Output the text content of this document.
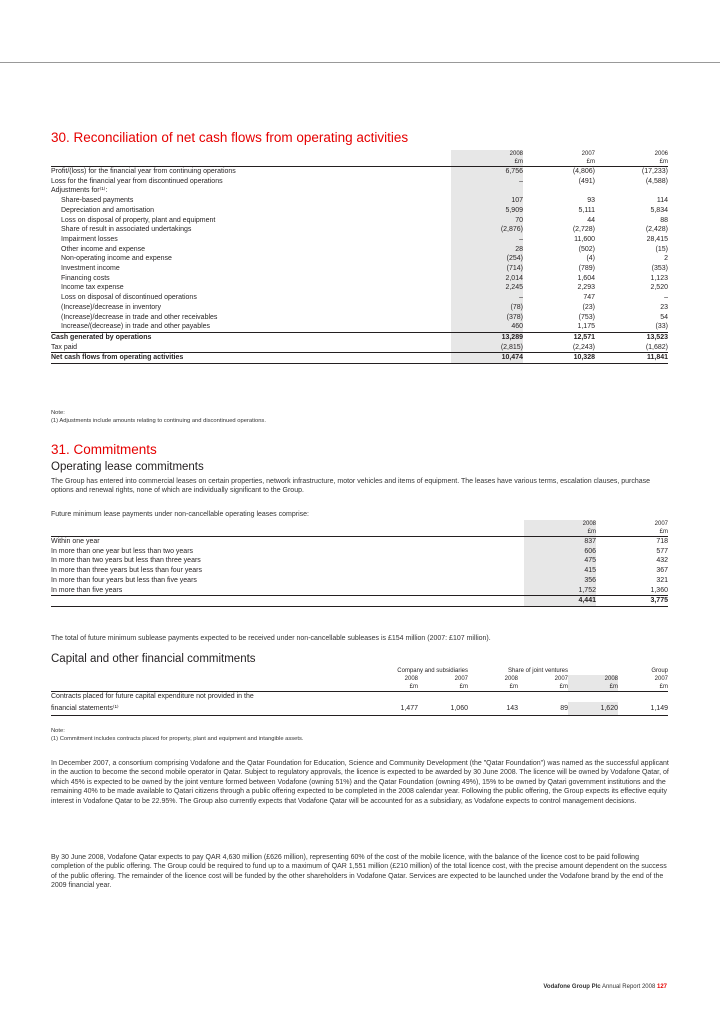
30. Reconciliation of net cash flows from operating activities
	2008	2007	2006
	£m	£m	£m
Profit/(loss) for the financial year from continuing operations	6,756	(4,806)	(17,233)
Loss for the financial year from discontinued operations	–	(491)	(4,588)
Adjustments for⁽¹⁾:			
Share-based payments	107	93	114
Depreciation and amortisation	5,909	5,111	5,834
Loss on disposal of property, plant and equipment	70	44	88
Share of result in associated undertakings	(2,876)	(2,728)	(2,428)
Impairment losses	–	11,600	28,415
Other income and expense	28	(502)	(15)
Non-operating income and expense	(254)	(4)	2
Investment income	(714)	(789)	(353)
Financing costs	2,014	1,604	1,123
Income tax expense	2,245	2,293	2,520
Loss on disposal of discontinued operations	–	747	–
(Increase)/decrease in inventory	(78)	(23)	23
(Increase)/decrease in trade and other receivables	(378)	(753)	54
Increase/(decrease) in trade and other payables	460	1,175	(33)
Cash generated by operations	13,289	12,571	13,523
Tax paid	(2,815)	(2,243)	(1,682)
Net cash flows from operating activities	10,474	10,328	11,841
Note:
(1) Adjustments include amounts relating to continuing and discontinued operations.
31. Commitments
Operating lease commitments

The Group has entered into commercial leases on certain properties, network infrastructure, motor vehicles and items of equipment. The leases have various terms, escalation clauses, purchase options and renewal rights, none of which are individually significant to the Group.

Future minimum lease payments under non-cancellable operating leases comprise:

	2008	2007
	£m	£m
Within one year	837	718
In more than one year but less than two years	606	577
In more than two years but less than three years	475	432
In more than three years but less than four years	415	367
In more than four years but less than five years	356	321
In more than five years	1,752	1,360
	4,441	3,775

The total of future minimum sublease payments expected to be received under non-cancellable subleases is £154 million (2007: £107 million).

Capital and other financial commitments
	Company and subsidiaries		Share of joint ventures		Group	
	2008	2007	2008	2007	2008	2007
	£m	£m	£m	£m	£m	£m
Contracts placed for future capital expenditure not provided in the						
financial statements⁽¹⁾	1,477	1,060	143	89	1,620	1,149
Note:
(1) Commitment includes contracts placed for property, plant and equipment and intangible assets.

In December 2007, a consortium comprising Vodafone and the Qatar Foundation for Education, Science and Community Development (the "Qatar Foundation") was named as the successful applicant in the auction to become the second mobile operator in Qatar. Subject to regulatory approvals, the licence is expected to be awarded by 30 June 2008. The licence will be owned by Vodafone Qatar, of which 45% is expected to be owned by the joint venture formed between Vodafone (owning 51%) and the Qatar Foundation (owning 49%), 15% to be owned by Qatari government institutions and the remaining 40% to be made available to Qatari citizens through a public offering expected to be completed in the 2008 calendar year. Following the public offering, the Group expects its effective equity interest in Vodafone Qatar to be 22.95%. The Group also currently expects that Vodafone Qatar will be accounted for as a subsidiary, as Vodafone expects to control management decisions.

By 30 June 2008, Vodafone Qatar expects to pay QAR 4,630 million (£626 million), representing 60% of the cost of the mobile licence, with the balance of the licence cost to be paid following completion of the public offering. The Group could be required to fund up to a maximum of QAR 1,551 million (£210 million) of the total licence cost, with the precise amount dependent on the success of the public offering. The remainder of the licence cost will be funded by the other shareholders in Vodafone Qatar. Services are expected to be launched under the Vodafone brand by the end of the 2009 financial year.

Vodafone Group Plc Annual Report 2008 127
